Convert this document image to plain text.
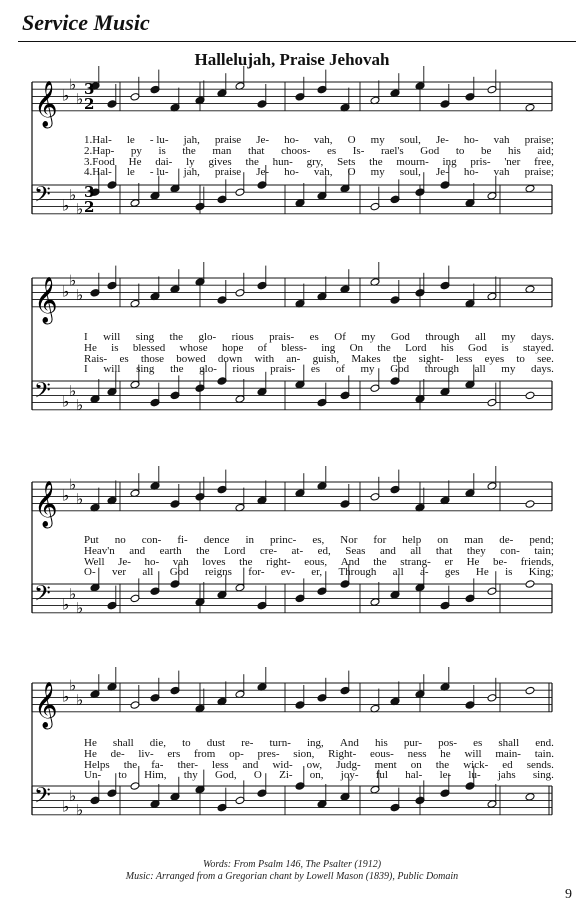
Service Music
Hallelujah, Praise Jehovah
𝄞 ♭
♭
♭
𝄢 ♭
♭
♭
𝄞 ♭
♭
♭
𝄢 ♭
♭
♭
𝄞 ♭
♭
♭
𝄢 ♭
♭
♭
𝄞 ♭
♭
♭
𝄢 ♭
♭
♭
3
2
3
2
1.Hal- le - lu- jah, praise Je- ho- vah, O my soul, Je- ho- vah praise;
2.Hap- py is the man that choos- es Is- rael's God to be his aid;
3.Food He dai- ly gives the hun- gry, Sets the mourn- ing pris- 'ner free,
4.Hal- le - lu- jah, praise Je- ho- vah, O my soul, Je- ho- vah praise;
I will sing the glo- rious prais- es Of my God through all my days.
He is blessed whose hope of bless- ing On the Lord his God is stayed.
Rais- es those bowed down with an- guish, Makes the sight- less eyes to see.
I will sing the glo- rious prais- es of my God through all my days.
Put no con- fi- dence in princ- es, Nor for help on man de- pend;
Heav'n and earth the Lord cre- at- ed, Seas and all that they con- tain;
Well Je- ho- vah loves the right- eous, And the strang- er He be- friends,
O- ver all God reigns for- ev- er, Through all a- ges He is King;
He shall die, to dust re- turn- ing, And his pur- pos- es shall end.
He de- liv- ers from op- pres- sion, Right- eous- ness he will main- tain.
Helps the fa- ther- less and wid- ow, Judg- ment on the wick- ed sends.
Un- to Him, thy God, O Zi- on, joy- ful hal- le- lu- jahs sing.
Words: From Psalm 146, The Psalter (1912)
Music: Arranged from a Gregorian chant by Lowell Mason (1839), Public Domain
9
